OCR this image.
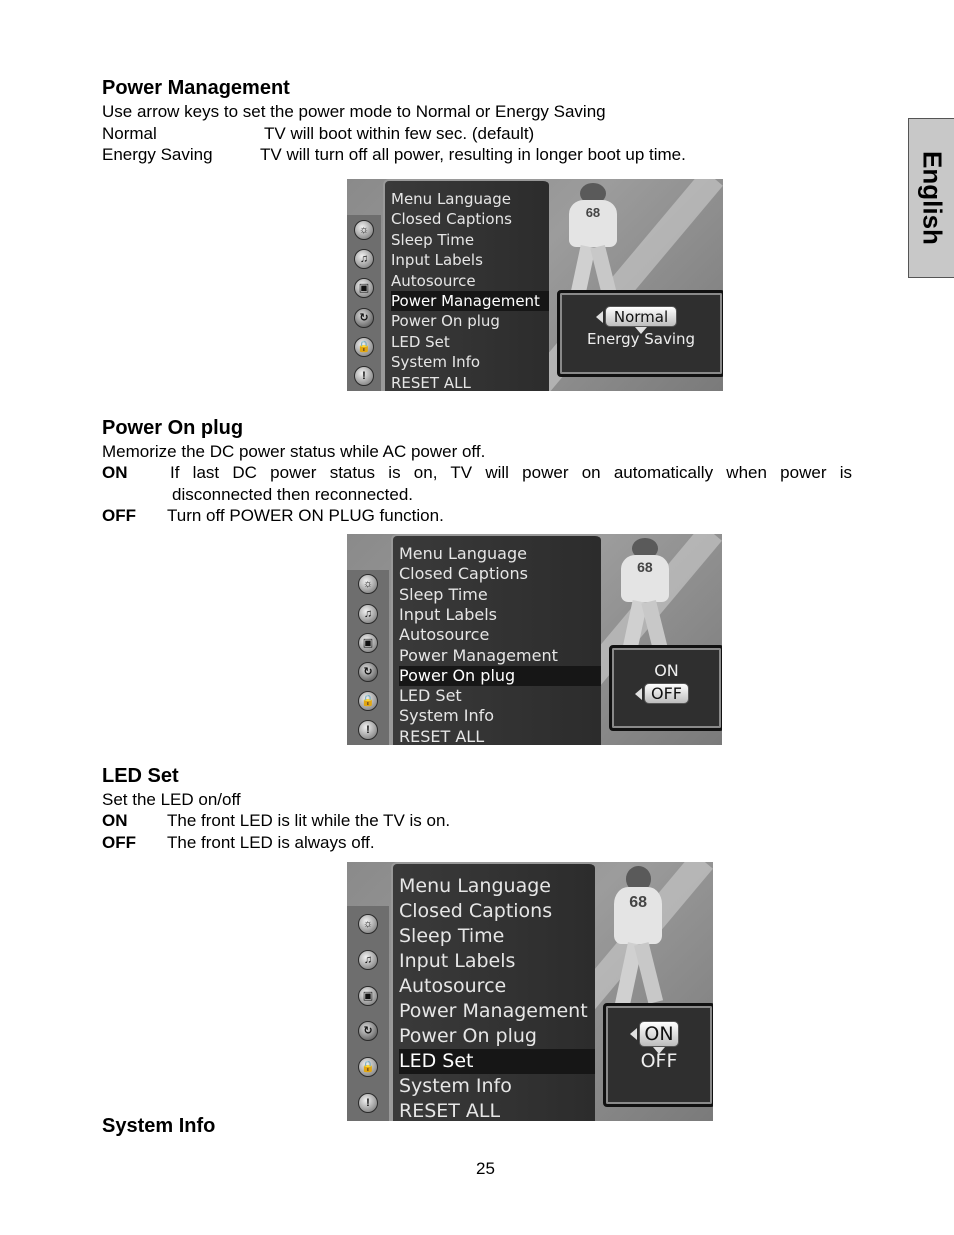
English
Power Management
Use arrow keys to set the power mode to Normal or Energy Saving
Normal	TV will boot within few sec. (default)
Energy Saving	TV will turn off all power, resulting in longer boot up time.
68
☼
♫
▣
↻
🔒
!
Menu Language
Closed Captions
Sleep Time
Input Labels
Autosource
Power Management
Power On plug
LED Set
System Info
RESET ALL
Normal
Energy Saving
Power On plug
Memorize the DC power status while AC power off.
ON	If last DC power status is on, TV will power on automatically when power is
disconnected then reconnected.
OFF Turn off POWER ON PLUG function.
68
☼
♫
▣
↻
🔒
!
Menu Language
Closed Captions
Sleep Time
Input Labels
Autosource
Power Management
Power On plug
LED Set
System Info
RESET ALL
ON
OFF
LED Set
Set the LED on/off
ON The front LED is lit while the TV is on.
OFF The front LED is always off.
68
☼
♫
▣
↻
🔒
!
Menu Language
Closed Captions
Sleep Time
Input Labels
Autosource
Power Management
Power On plug
LED Set
System Info
RESET ALL
ON
OFF
System Info
25
